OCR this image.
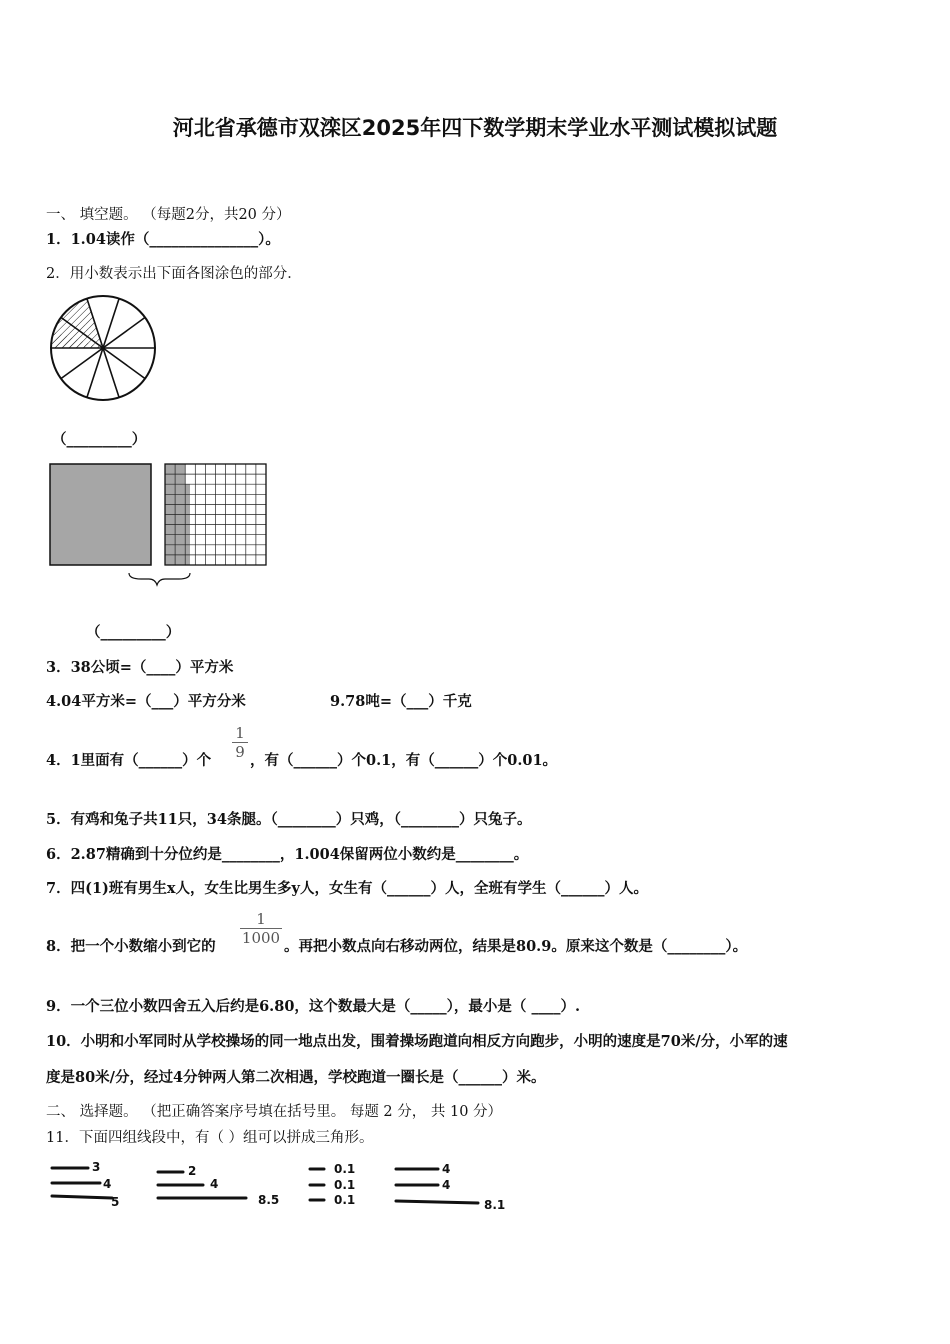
河北省承德市双滦区2025年四下数学期末学业水平测试模拟试题
一、 填空题。 （每题2分，共20 分）
1．1.04读作（_______________）。
2．用小数表示出下面各图涂色的部分．
（_________）
（_________）
3．38公顷=（____）平方米
4.04平方米=（___）平方分米	9.78吨=（___）千克
4．1里面有（______）个 $\frac{1}{9}$ ，有（______）个0.1，有（______）个0.01。
5．有鸡和兔子共11只，34条腿。（________）只鸡，（________）只兔子。
6．2.87精确到十分位约是________，1.004保留两位小数约是________。
7．四(1)班有男生x人，女生比男生多y人，女生有（______）人，全班有学生（______）人。
8．把一个小数缩小到它的 $\frac{1}{1000}$ 。再把小数点向右移动两位，结果是80.9。原来这个数是（________）。
9．一个三位小数四舍五入后约是6.80，这个数最大是（_____），最小是（ ____）.
10．小明和小军同时从学校操场的同一地点出发，围着操场跑道向相反方向跑步，小明的速度是70米/分，小军的速
度是80米/分，经过4分钟两人第二次相遇，学校跑道一圈长是（______）米。
二、 选择题。 （把正确答案序号填在括号里。 每题 2 分， 共 10 分）
11．下面四组线段中，有（ ）组可以拼成三角形。
3
4
5
2
4
8.5
0.1
0.1
0.1
4
4
8.1
